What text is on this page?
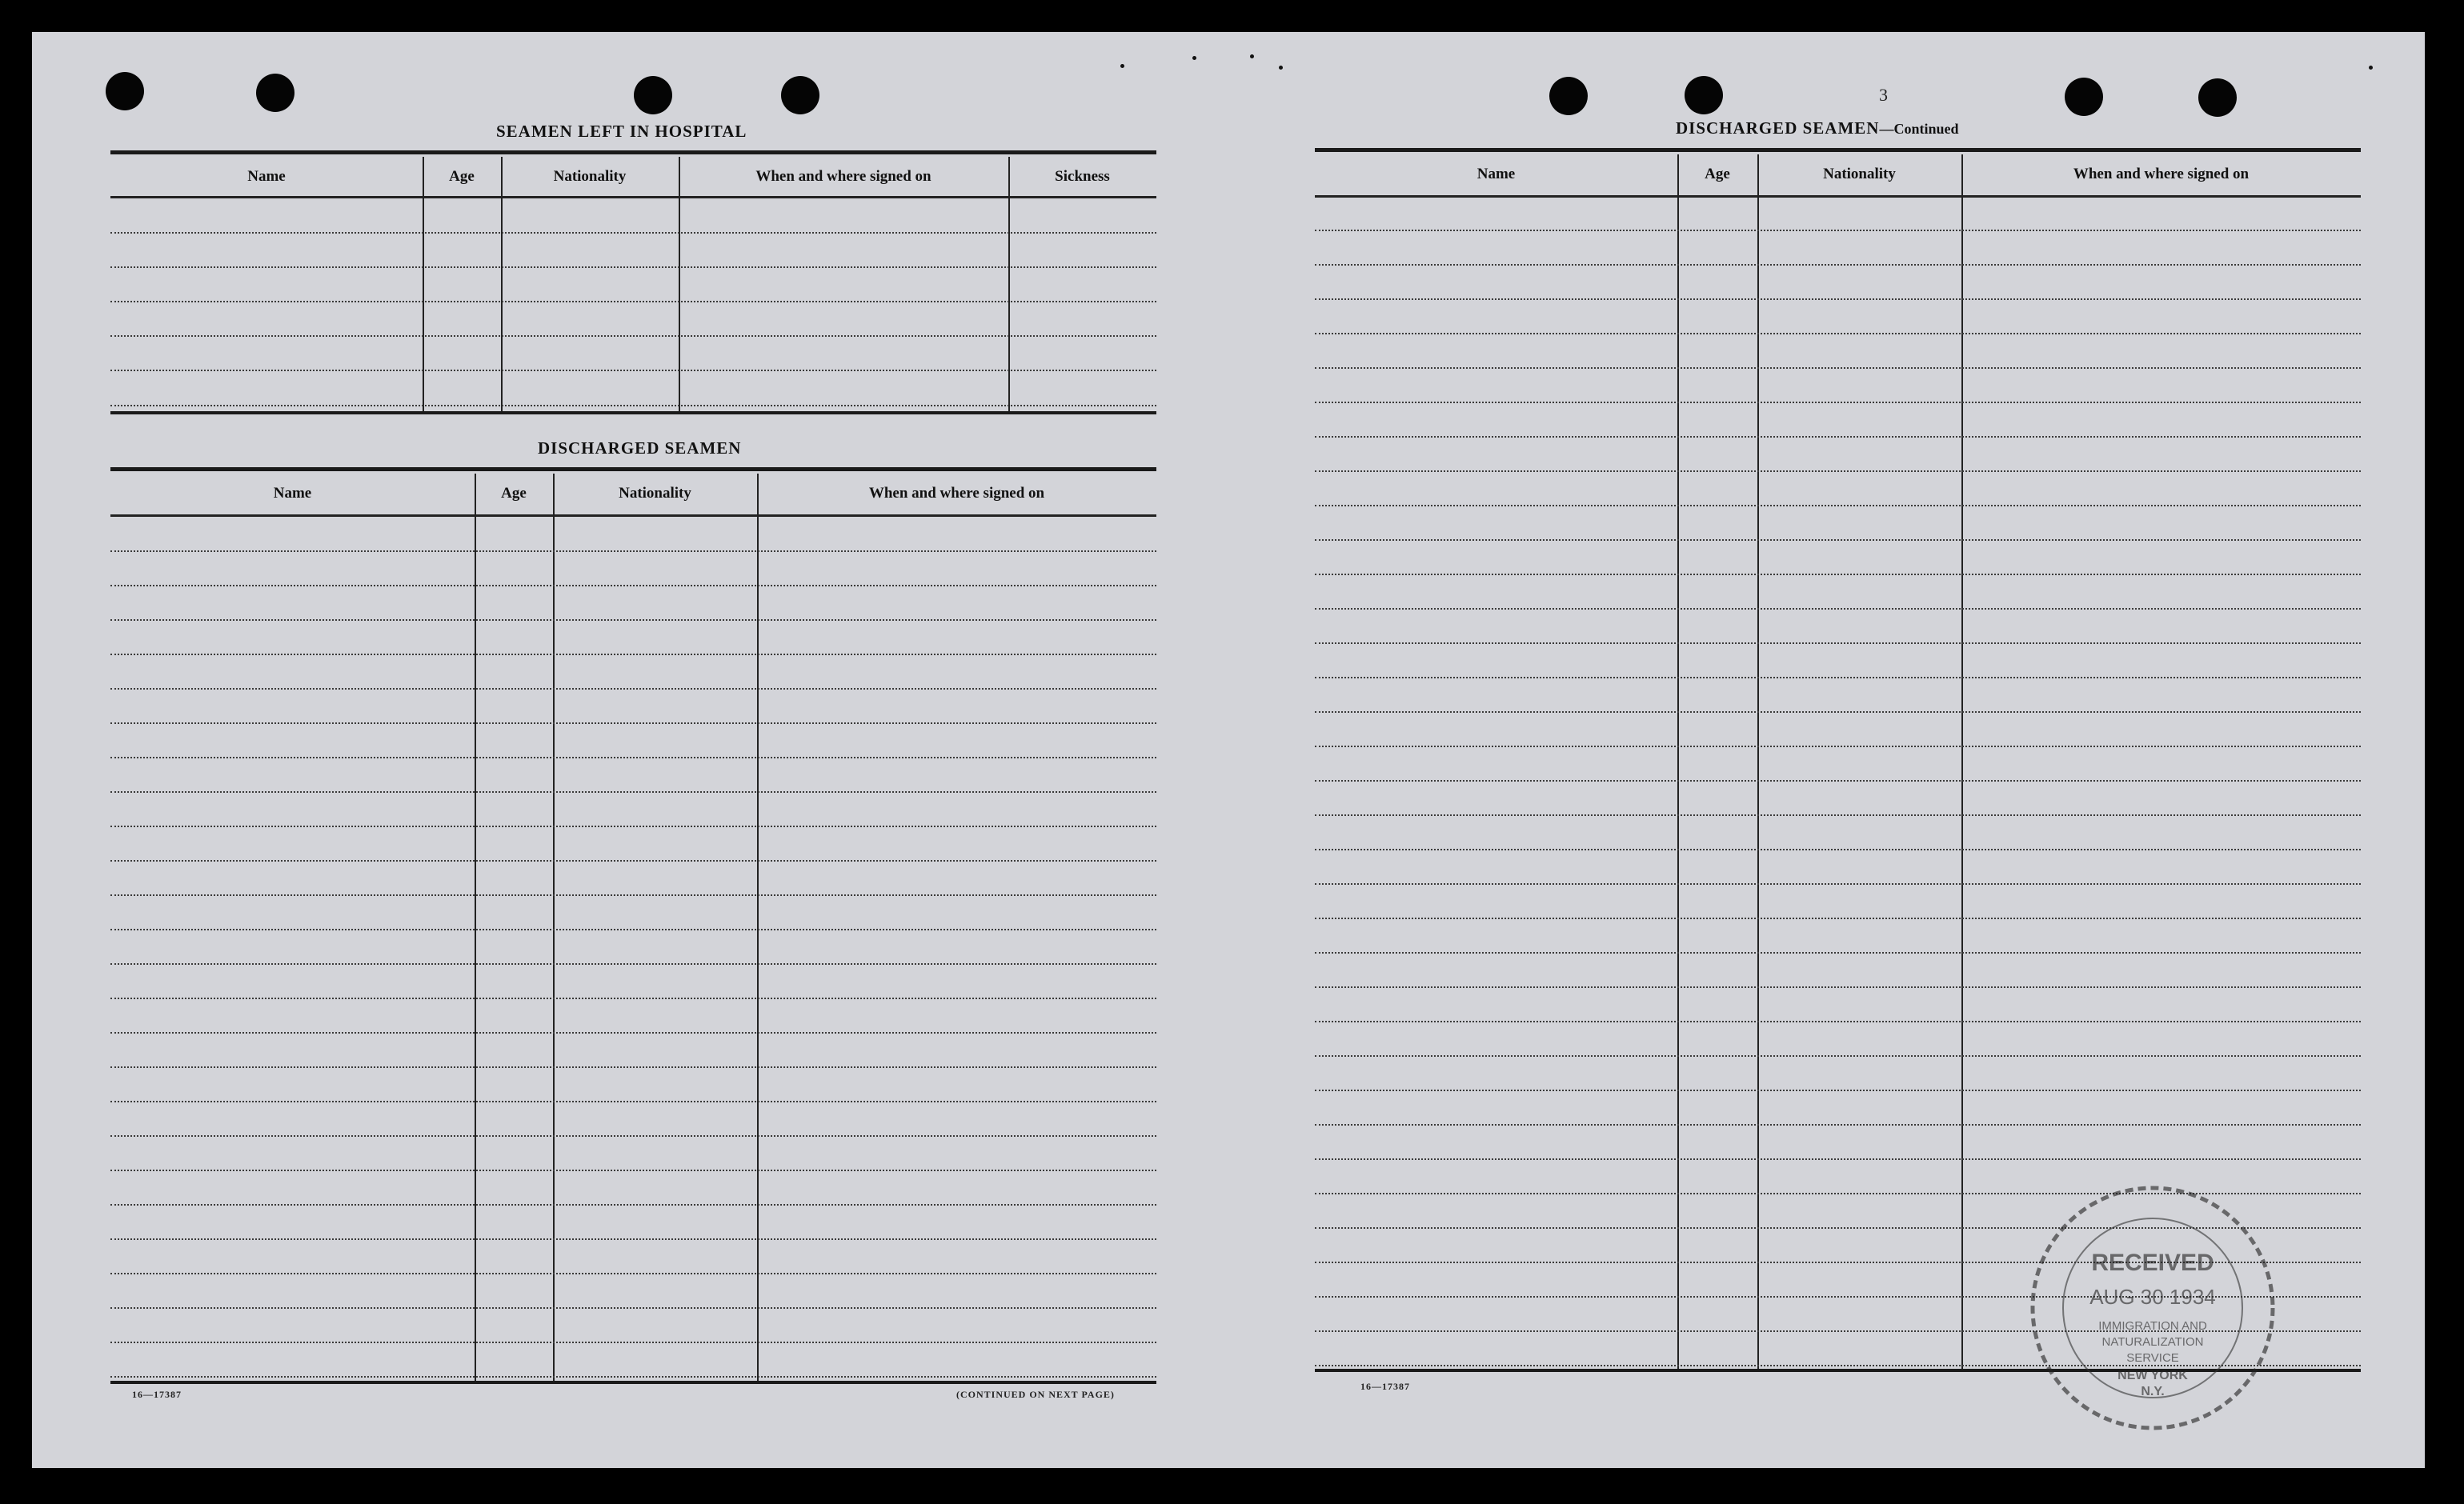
SEAMEN LEFT IN HOSPITAL
Name	Age	Nationality	When and where signed on	Sickness
DISCHARGED SEAMEN
Name	Age	Nationality	When and where signed on
16—17387	(CONTINUED ON NEXT PAGE)
3
DISCHARGED SEAMEN—Continued
Name	Age	Nationality	When and where signed on
16—17387
RECEIVED
AUG 30 1934
IMMIGRATION AND
NATURALIZATION
SERVICE
NEW YORK
N.Y.
